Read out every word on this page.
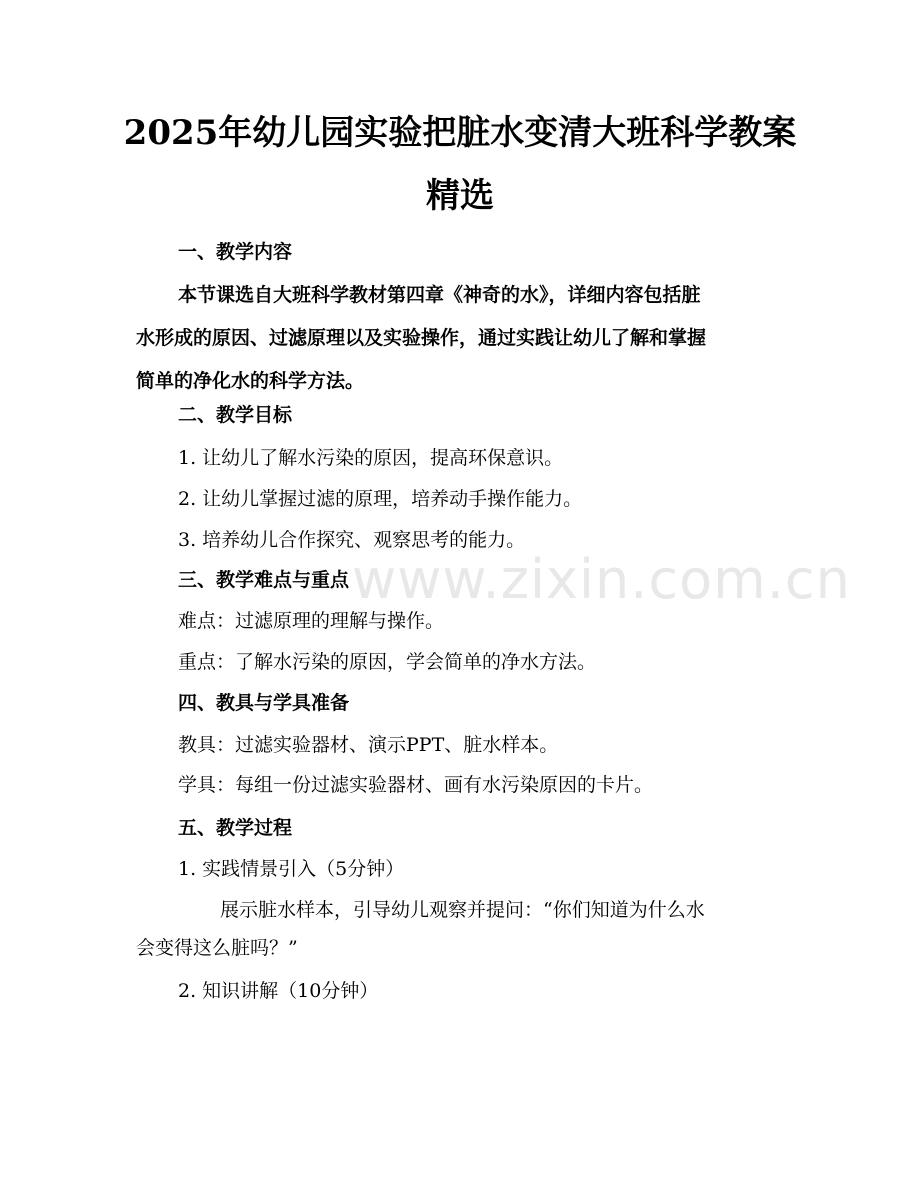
2025年幼儿园实验把脏水变清大班科学教案
精选
一、教学内容
本节课选自大班科学教材第四章《神奇的水》，详细内容包括脏
水形成的原因、过滤原理以及实验操作，通过实践让幼儿了解和掌握
简单的净化水的科学方法。
二、教学目标
1. 让幼儿了解水污染的原因，提高环保意识。
2. 让幼儿掌握过滤的原理，培养动手操作能力。
3. 培养幼儿合作探究、观察思考的能力。
www.zixin.com.cn
三、教学难点与重点
难点：过滤原理的理解与操作。
重点：了解水污染的原因，学会简单的净水方法。
四、教具与学具准备
教具：过滤实验器材、演示PPT、脏水样本。
学具：每组一份过滤实验器材、画有水污染原因的卡片。
五、教学过程
1. 实践情景引入（5分钟）
展示脏水样本，引导幼儿观察并提问：“你们知道为什么水
会变得这么脏吗？”
2. 知识讲解（10分钟）
